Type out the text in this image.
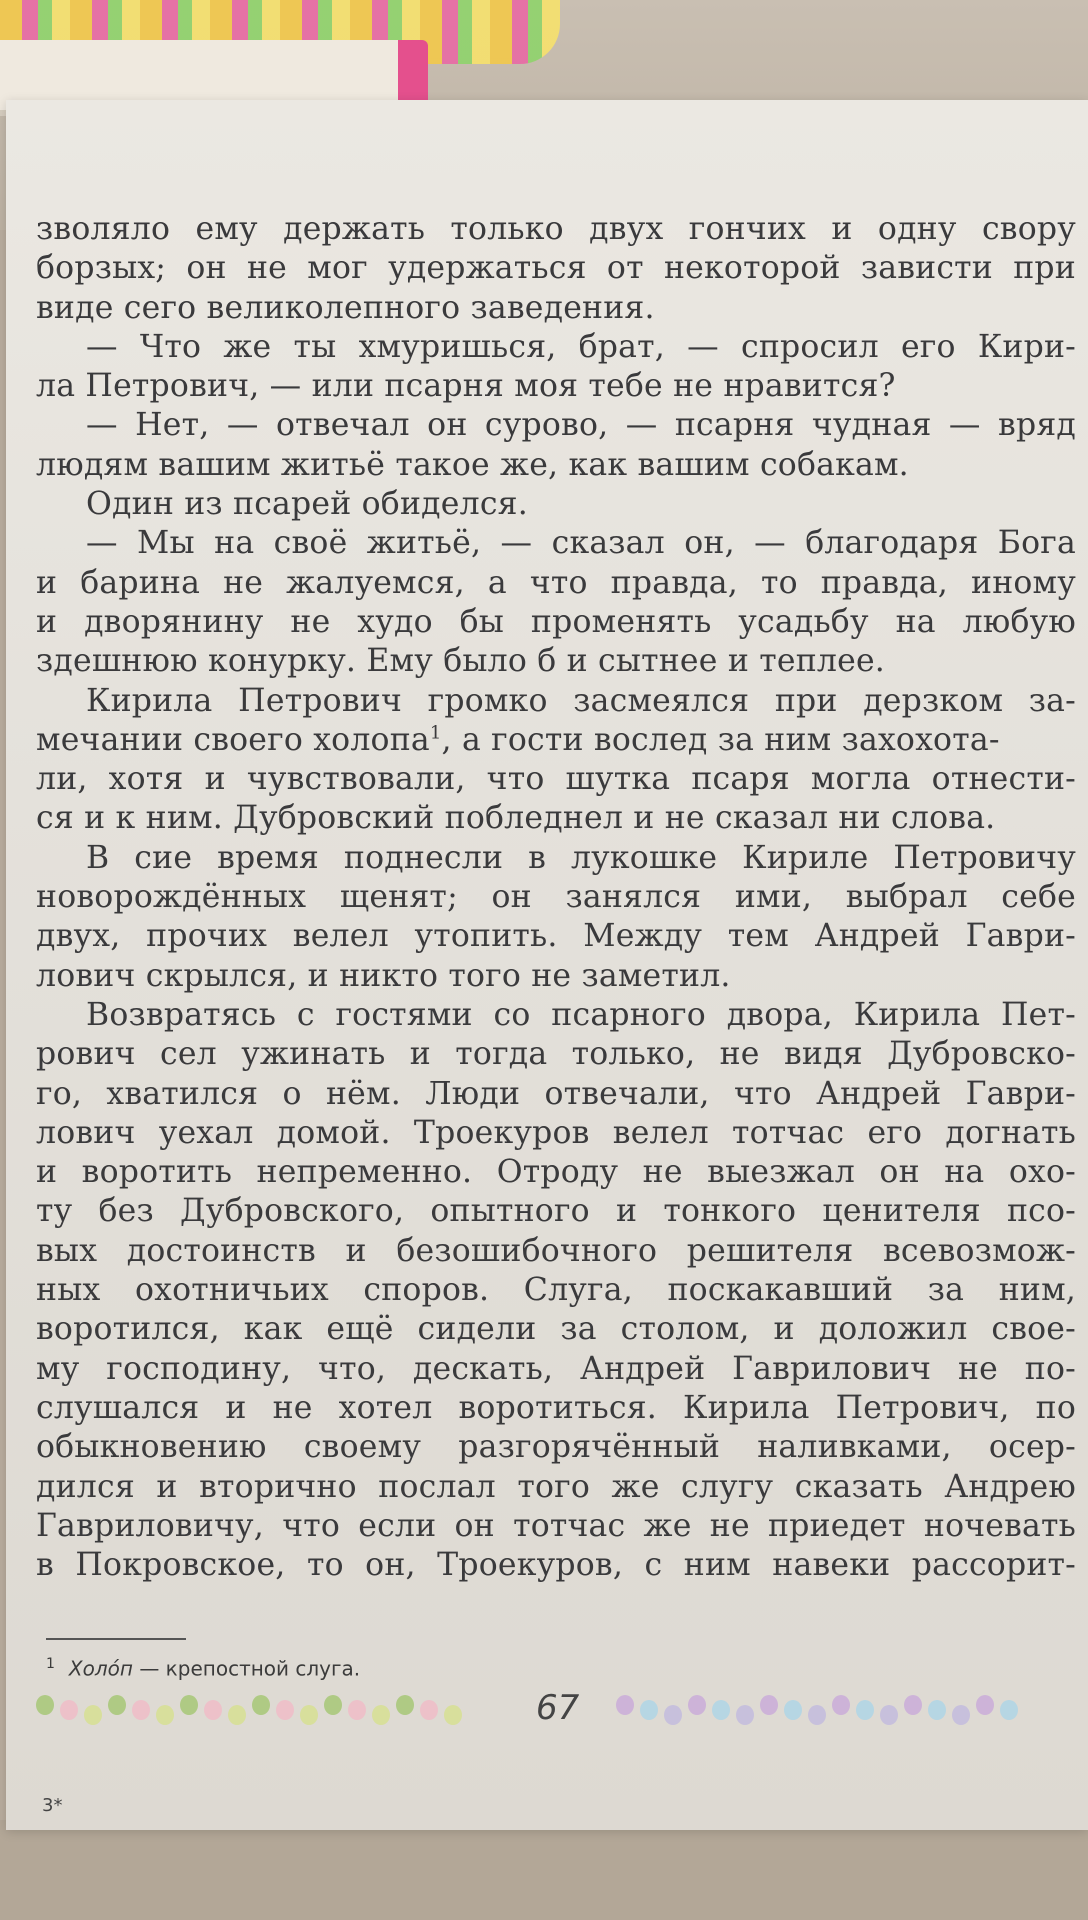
зволяло ему держать только двух гончих и одну свору
борзых; он не мог удержаться от некоторой зависти при
виде сего великолепного заведения.
— Что же ты хмуришься, брат, — спросил его Кири-
ла Петрович, — или псарня моя тебе не нравится?
— Нет, — отвечал он сурово, — псарня чудная — вряд
людям вашим житьё такое же, как вашим собакам.
Один из псарей обиделся.
— Мы на своё житьё, — сказал он, — благодаря Бога
и барина не жалуемся, а что правда, то правда, иному
и дворянину не худо бы променять усадьбу на любую
здешнюю конурку. Ему было б и сытнее и теплее.
Кирила Петрович громко засмеялся при дерзком за-
мечании своего холопа$^1$, а гости вослед за ним захохота-
ли, хотя и чувствовали, что шутка псаря могла отнести-
ся и к ним. Дубровский побледнел и не сказал ни слова.
В сие время поднесли в лукошке Кириле Петровичу
новорождённых щенят; он занялся ими, выбрал себе
двух, прочих велел утопить. Между тем Андрей Гаври-
лович скрылся, и никто того не заметил.
Возвратясь с гостями со псарного двора, Кирила Пет-
рович сел ужинать и тогда только, не видя Дубровско-
го, хватился о нём. Люди отвечали, что Андрей Гаври-
лович уехал домой. Троекуров велел тотчас его догнать
и воротить непременно. Отроду не выезжал он на охо-
ту без Дубровского, опытного и тонкого ценителя псо-
вых достоинств и безошибочного решителя всевозмож-
ных охотничьих споров. Слуга, поскакавший за ним,
воротился, как ещё сидели за столом, и доложил свое-
му господину, что, дескать, Андрей Гаврилович не по-
слушался и не хотел воротиться. Кирила Петрович, по
обыкновению своему разгорячённый наливками, осер-
дился и вторично послал того же слугу сказать Андрею
Гавриловичу, что если он тотчас же не приедет ночевать
в Покровское, то он, Троекуров, с ним навеки рассорит-
$^1$ Холóп — крепостной слуга.
67
3*
